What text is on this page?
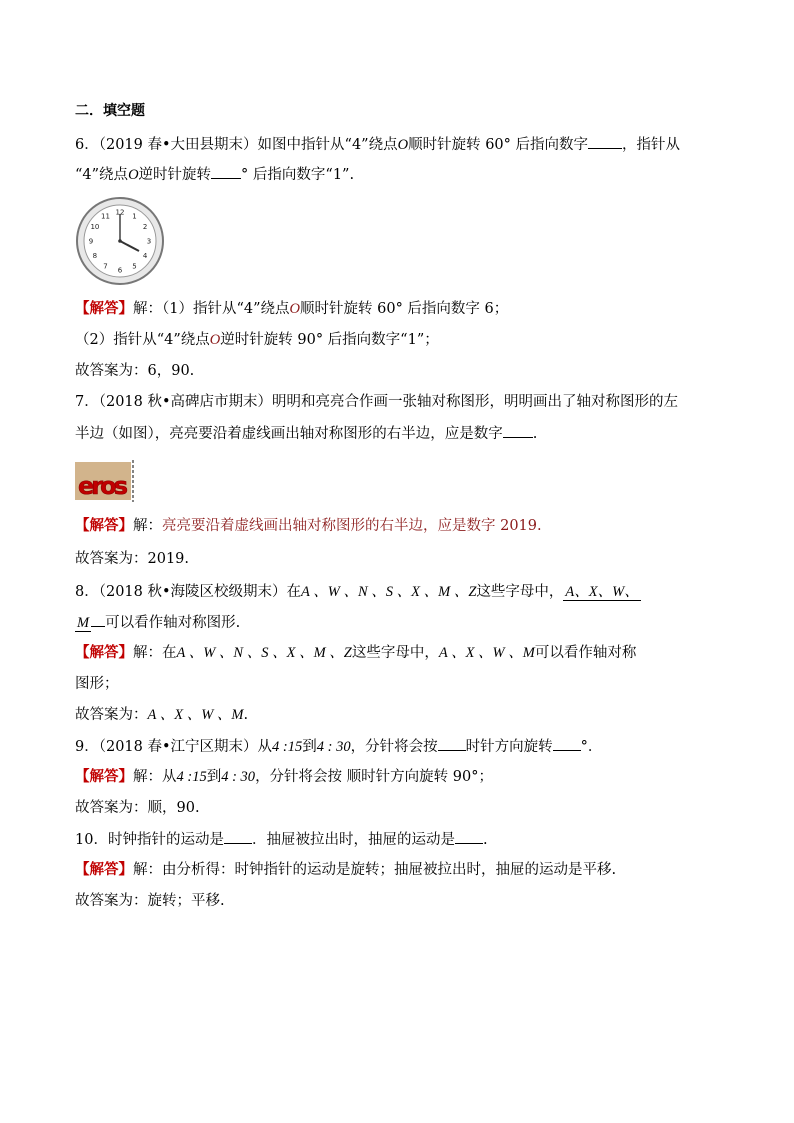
二．填空题
6．（2019 春•大田县期末）如图中指针从“4”绕点O顺时针旋转 60° 后指向数字 ，指针从
“4”绕点O逆时针旋转 ° 后指向数字“1”.
12 1
2
3
4
5
6
7
8
9
10
11
【解答】解：（1）指针从“4”绕点O顺时针旋转 60° 后指向数字 6；
（2）指针从“4”绕点O逆时针旋转 90° 后指向数字“1”；
故答案为：6，90.
7．（2018 秋•高碑店市期末）明明和亮亮合作画一张轴对称图形，明明画出了轴对称图形的左
半边（如图），亮亮要沿着虚线画出轴对称图形的右半边，应是数字 .
eros
【解答】解：亮亮要沿着虚线画出轴对称图形的右半边，应是数字 2019.
故答案为：2019.
8．（2018 秋•海陵区校级期末）在A 、W 、N 、S 、X 、M 、Z这些字母中， A、X、W、
M 可以看作轴对称图形.
【解答】解：在A 、W 、N 、S 、X 、M 、Z这些字母中，A 、X 、W 、M可以看作轴对称
图形；
故答案为：A 、X 、W 、M.
9．（2018 春•江宁区期末）从4 :15到4 : 30，分针将会按 时针方向旋转 °．
【解答】解：从4 :15到4 : 30，分针将会按 顺时针方向旋转 90°；
故答案为：顺，90.
10．时钟指针的运动是 ．抽屉被拉出时，抽屉的运动是 .
【解答】解：由分析得：时钟指针的运动是旋转；抽屉被拉出时，抽屉的运动是平移.
故答案为：旋转；平移.
